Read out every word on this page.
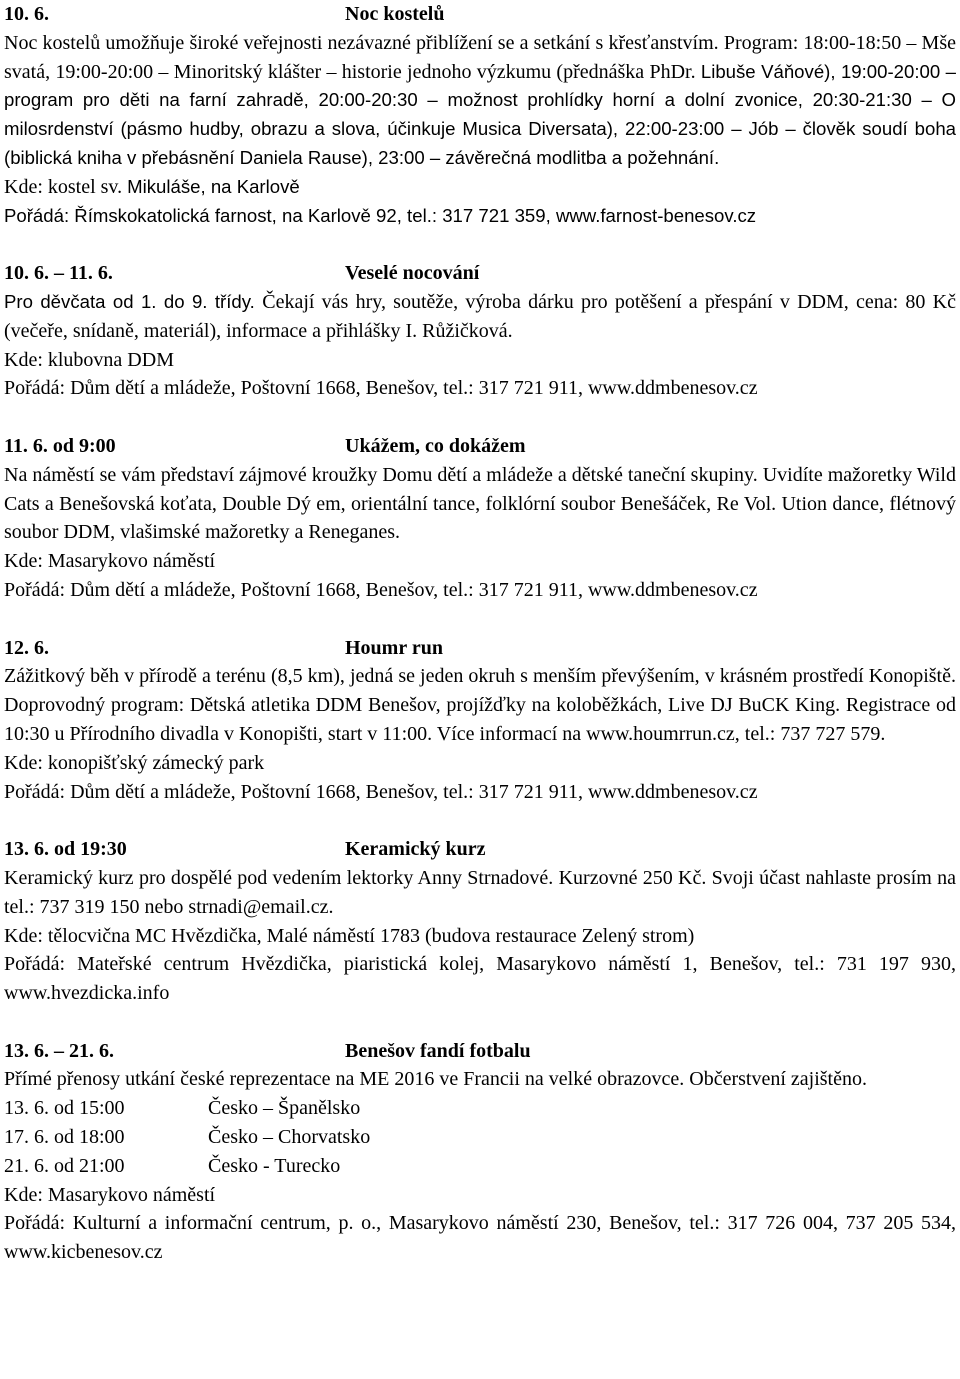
10. 6.	Noc kostelů
Noc kostelů umožňuje široké veřejnosti nezávazné přiblížení se a setkání s křesťanstvím. Program: 18:00-18:50 – Mše svatá, 19:00-20:00 – Minoritský klášter – historie jednoho výzkumu (přednáška PhDr. Libuše Váňové), 19:00-20:00 – program pro děti na farní zahradě, 20:00-20:30 – možnost prohlídky horní a dolní zvonice, 20:30-21:30 – O milosrdenství (pásmo hudby, obrazu a slova, účinkuje Musica Diversata), 22:00-23:00 – Jób – člověk soudí boha (biblická kniha v přebásnění Daniela Rause), 23:00 – závěrečná modlitba a požehnání.
Kde: kostel sv. Mikuláše, na Karlově
Pořádá: Římskokatolická farnost, na Karlově 92, tel.: 317 721 359, www.farnost-benesov.cz
10. 6. – 11. 6.	Veselé nocování
Pro děvčata od 1. do 9. třídy. Čekají vás hry, soutěže, výroba dárku pro potěšení a přespání v DDM, cena: 80 Kč (večeře, snídaně, materiál), informace a přihlášky I. Růžičková.
Kde: klubovna DDM
Pořádá: Dům dětí a mládeže, Poštovní 1668, Benešov, tel.: 317 721 911, www.ddmbenesov.cz
11. 6. od 9:00	Ukážem, co dokážem
Na náměstí se vám představí zájmové kroužky Domu dětí a mládeže a dětské taneční skupiny. Uvidíte mažoretky Wild Cats a Benešovská koťata, Double Dý em, orientální tance, folklórní soubor Benešáček, Re Vol. Ution dance, flétnový soubor DDM, vlašimské mažoretky a Reneganes.
Kde: Masarykovo náměstí
Pořádá: Dům dětí a mládeže, Poštovní 1668, Benešov, tel.: 317 721 911, www.ddmbenesov.cz
12. 6.	Houmr run
Zážitkový běh v přírodě a terénu (8,5 km), jedná se jeden okruh s menším převýšením, v krásném prostředí Konopiště. Doprovodný program: Dětská atletika DDM Benešov, projížďky na koloběžkách, Live DJ BuCK King. Registrace od 10:30 u Přírodního divadla v Konopišti, start v 11:00. Více informací na www.houmrrun.cz, tel.: 737 727 579.
Kde: konopišťský zámecký park
Pořádá: Dům dětí a mládeže, Poštovní 1668, Benešov, tel.: 317 721 911, www.ddmbenesov.cz
13. 6. od 19:30	Keramický kurz
Keramický kurz pro dospělé pod vedením lektorky Anny Strnadové. Kurzovné 250 Kč. Svoji účast nahlaste prosím na tel.: 737 319 150 nebo strnadi@email.cz.
Kde: tělocvična MC Hvězdička, Malé náměstí 1783 (budova restaurace Zelený strom)
Pořádá: Mateřské centrum Hvězdička, piaristická kolej, Masarykovo náměstí 1, Benešov, tel.: 731 197 930, www.hvezdicka.info
13. 6. – 21. 6.	Benešov fandí fotbalu
Přímé přenosy utkání české reprezentace na ME 2016 ve Francii na velké obrazovce. Občerstvení zajištěno.
13. 6. od 15:00	Česko – Španělsko
17. 6. od 18:00	Česko – Chorvatsko
21. 6. od 21:00	Česko - Turecko
Kde: Masarykovo náměstí
Pořádá: Kulturní a informační centrum, p. o., Masarykovo náměstí 230, Benešov, tel.: 317 726 004, 737 205 534, www.kicbenesov.cz
